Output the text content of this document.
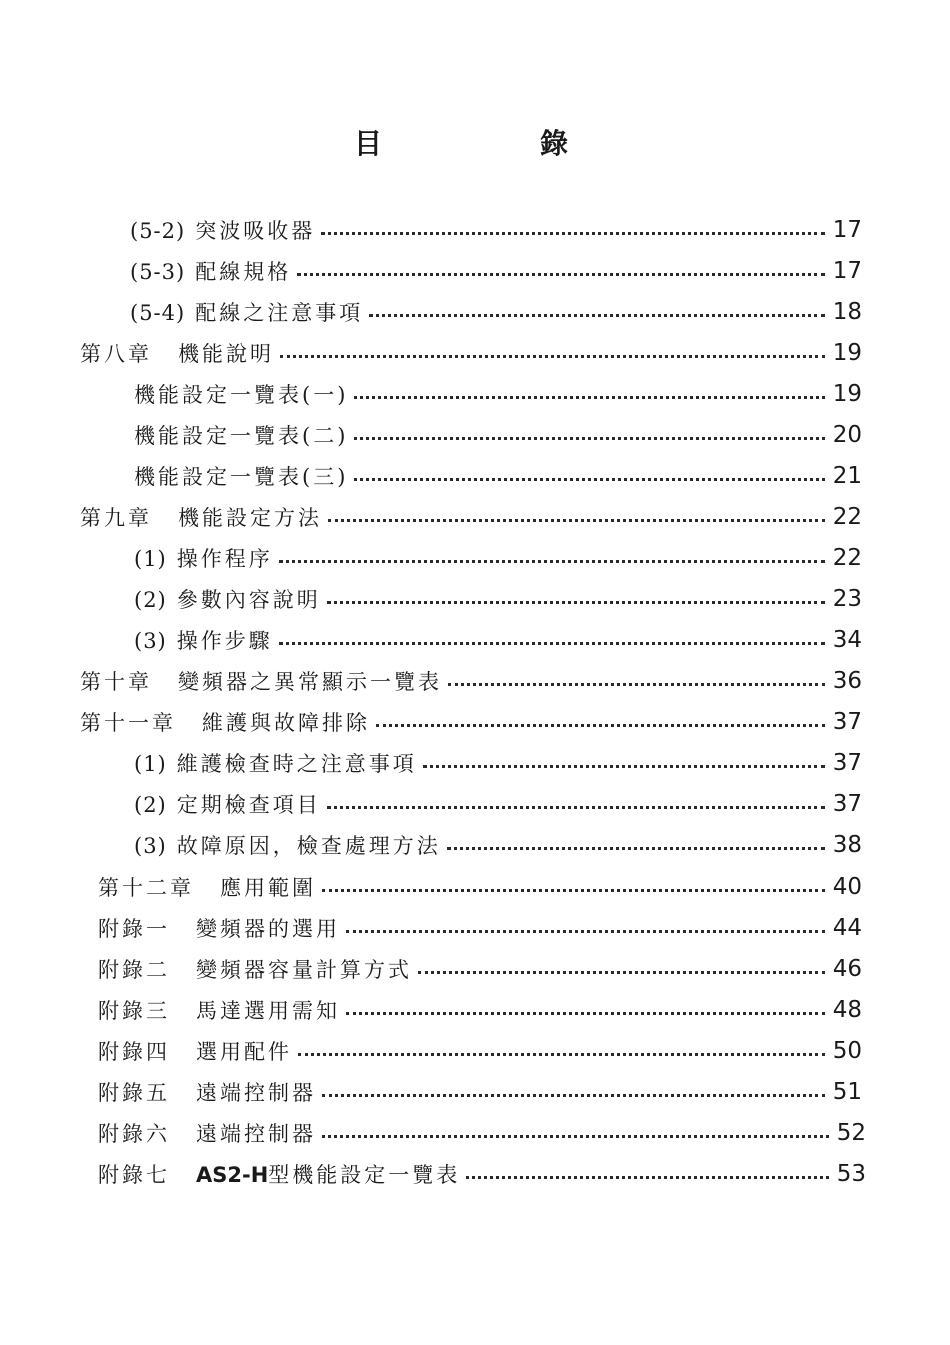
目	錄
(5-2) 突波吸收器	17
(5-3) 配線規格	17
(5-4) 配線之注意事項	18
第八章 機能說明	19
機能設定一覽表(一)	19
機能設定一覽表(二)	20
機能設定一覽表(三)	21
第九章 機能設定方法	22
(1) 操作程序	22
(2) 參數內容說明	23
(3) 操作步驟	34
第十章 變頻器之異常顯示一覽表	36
第十一章 維護與故障排除	37
(1) 維護檢查時之注意事項	37
(2) 定期檢查項目	37
(3) 故障原因，檢查處理方法	38
第十二章 應用範圍	40
附錄一 變頻器的選用	44
附錄二 變頻器容量計算方式	46
附錄三 馬達選用需知	48
附錄四 選用配件	50
附錄五 遠端控制器	51
附錄六 遠端控制器	52
附錄七 AS2-H型機能設定一覽表	53
